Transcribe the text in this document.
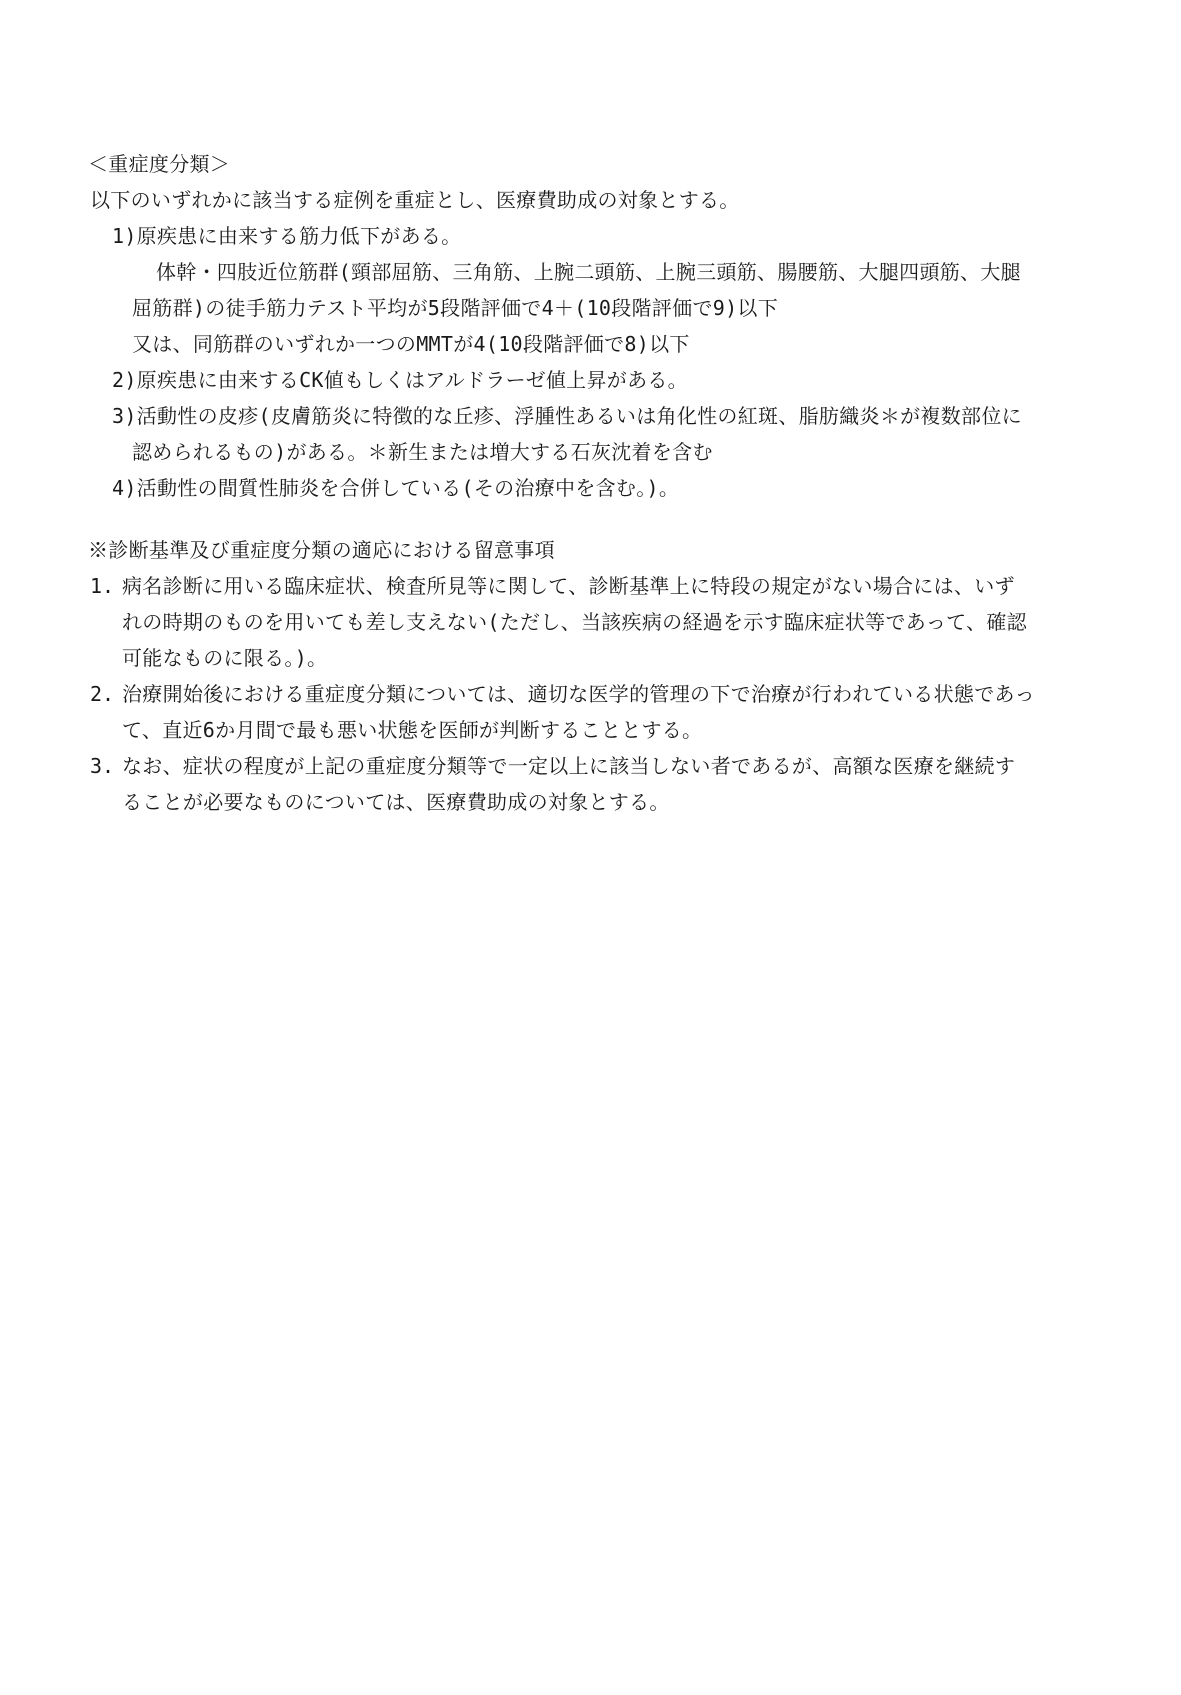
＜重症度分類＞
以下のいずれかに該当する症例を重症とし、医療費助成の対象とする。
1)原疾患に由来する筋力低下がある。
体幹・四肢近位筋群(頸部屈筋、三角筋、上腕二頭筋、上腕三頭筋、腸腰筋、大腿四頭筋、大腿
屈筋群)の徒手筋力テスト平均が5段階評価で4＋(10段階評価で9)以下
又は、同筋群のいずれか一つのMMTが4(10段階評価で8)以下
2)原疾患に由来するCK値もしくはアルドラーゼ値上昇がある。
3)活動性の皮疹(皮膚筋炎に特徴的な丘疹、浮腫性あるいは角化性の紅斑、脂肪織炎＊が複数部位に
認められるもの)がある。＊新生または増大する石灰沈着を含む
4)活動性の間質性肺炎を合併している(その治療中を含む。)。
※診断基準及び重症度分類の適応における留意事項
1. 病名診断に用いる臨床症状、検査所見等に関して、診断基準上に特段の規定がない場合には、いず
れの時期のものを用いても差し支えない(ただし、当該疾病の経過を示す臨床症状等であって、確認
可能なものに限る。)。
2. 治療開始後における重症度分類については、適切な医学的管理の下で治療が行われている状態であっ
て、直近6か月間で最も悪い状態を医師が判断することとする。
3. なお、症状の程度が上記の重症度分類等で一定以上に該当しない者であるが、高額な医療を継続す
ることが必要なものについては、医療費助成の対象とする。
